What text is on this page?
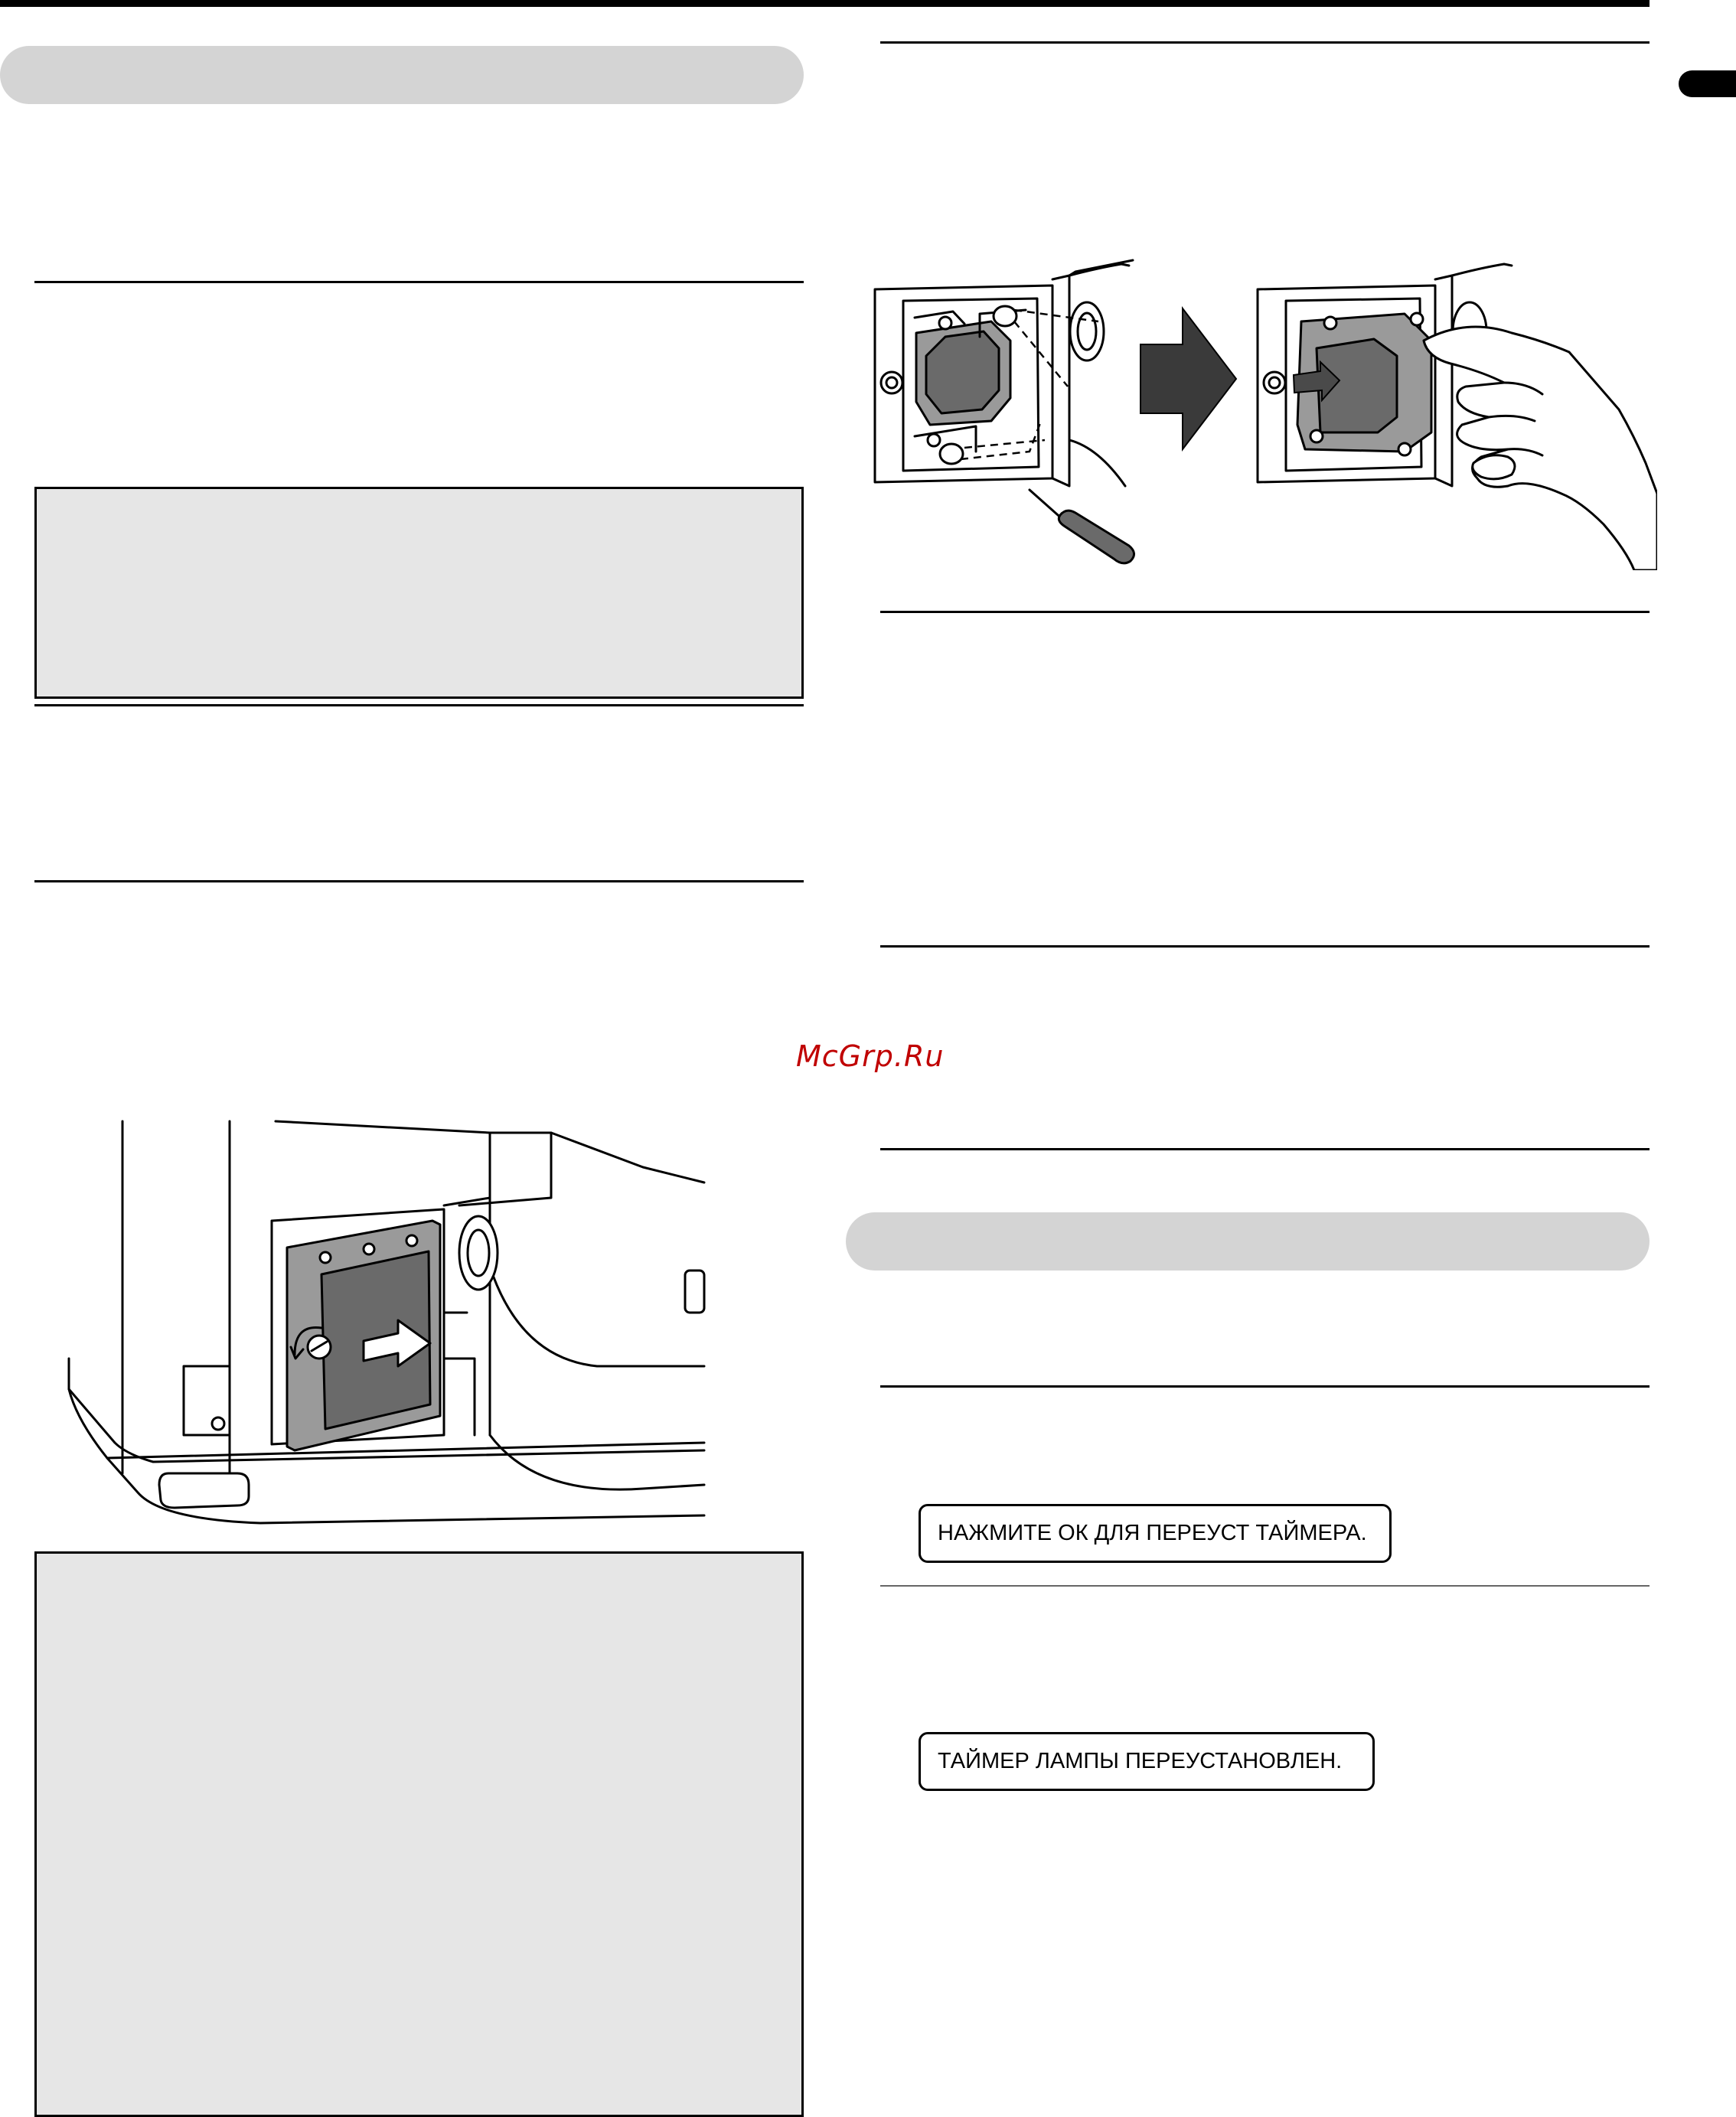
McGrp.Ru
НАЖМИТЕ ОК ДЛЯ ПЕРЕУСТ ТАЙМЕРА.
ТАЙМЕР ЛАМПЫ ПЕРЕУСТАНОВЛЕН.
